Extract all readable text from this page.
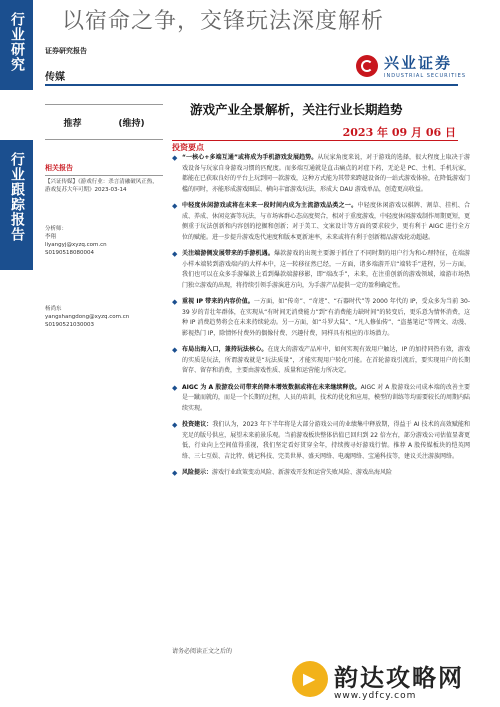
行业研究
行业跟踪报告
以宿命之争，交锋玩法深度解析
证券研究报告
传媒
兴业证券
INDUSTRIAL SECURITIES
推荐	(维持)
游戏产业全景解析，关注行业长期趋势
2023 年 09 月 06 日
投资要点
相关报告
【兴证传媒】《游戏行业：杀言清融破风正热，游戏复苏大年可期》2023-03-14
分析师：
李翔
liyangyj@xyzq.com.cn
S0190518080004
杨尚东
yangshangdong@xyzq.com.cn
S0190521030003
◆ “一核心+多端互通”或将成为手机游戏发展趋势。从玩家角度来说，对于游戏的选择，很大程度上取决于游戏设备与玩家自身游戏习惯的匹配度。而多端互通就是直击痛点的对症下药，无论是 PC、主机、手机玩家，都能在已获取良好的平台上玩到同一款游戏，这种方式能为其带来跨越设备的一站式游戏体验，在降低游戏门槛的同时，亦能形成游戏圈层、横向丰富游戏玩法，形成大 DAU 游戏单品，创造更高收益。
◆ 中轻度休闲游戏或将在未来一段时间内成为主流游戏品类之一。中轻度休闲游戏以棋牌、割草、挂机、合成、养成、休闲竞赛等玩法，与市场客群心态高度契合，相对于重度游戏，中轻度休闲游戏制作周期更短，更侧重于玩法创新和内容创的挖掘和创新；对于美工、文案设计等方面的要求较少，更有利于 AIGC 进行全方位的赋能。进一步提升游戏迭代速度和版本更新速率，未来或将有利于创新精品游戏轮动超越。
◆ 关注端游侧发展带来的手游机遇。爆款游戏的出现主要源于抓住了不同时期的用户行为和心理特征，在端游小样本端转到游戏端内的大样本中，这一转移征然已经，一方面，诸多端游开启“端转手”进程，另一方面，我们也可以在众多手游爆款上看到爆款端游移影，即“端改手”，未来，在注重创新的游戏领域，端游市场热门独立游戏的出现，将持续引领手游演进方向，为手游产品提供一定的盈利确定性。
◆ 重视 IP 带来的内容价值。一方面，如“传奇”、“奇迹”、“石器时代”等 2000 年代的 IP，受众多为当前 30-39 岁的青壮年群体，在实现从“有时间无消费能力”到“有消费能力缺时间”的转变后，更乐意为情怀消费，这种 IP 消费趋势将会在未来持续轮动。另一方面，如“斗罗大陆”、“凡人修仙传”、“盗墓笔记”等网文、动漫、影视热门 IP，除情怀付费外的偶像付费、兴趣付费，同样具有相应的市场潜力。
◆ 布局出海入口，兼持玩法核心。在庞大的游戏产品库中，如何实现有效用户触达，IP 的加持同热有效，游戏的实质是玩法，所谓游戏就是“玩法质量”，才能实现用户转化可能。在首轮游戏引流后，要实现用户的长期留存、留存和消费，主要由游戏性质、质量和运营能力所决定。
◆ AIGC 为 A 股游戏公司带来的降本增效数据或将在未来继续释放。AIGC 对 A 股游戏公司成本端的改善主要是一蹴而就的，而是一个长期的过程，人员的培训，技术的优化和应用，模型的训练等均需要较长的周期内陆续实现。
◆ 投资建议：我们认为，2023 年下半年将是大部分游戏公司的业绩集中释放期，得益于 AI 技术的高效赋能和充足的版号供应，展望未来前景乐观。当前游戏板块整体估值已回归到 22 倍左右，部分游戏公司估值显著更低，行业向上空间值得重视，我们坚定看好贯穿全年，持续搜寻好游戏行情。推荐 A 股传媒板块的恺英网络、三七互娱、吉比特、姚记科技、完美世界、盛天网络、电魂网络、宝通科技等，建议关注游族网络。
◆ 风险提示：游戏行业政策变动风险、新游戏开发和运营失败风险、游戏出海风险
请务必阅读正文之后的
▶
韵达攻略网
www.ydfcy.com
